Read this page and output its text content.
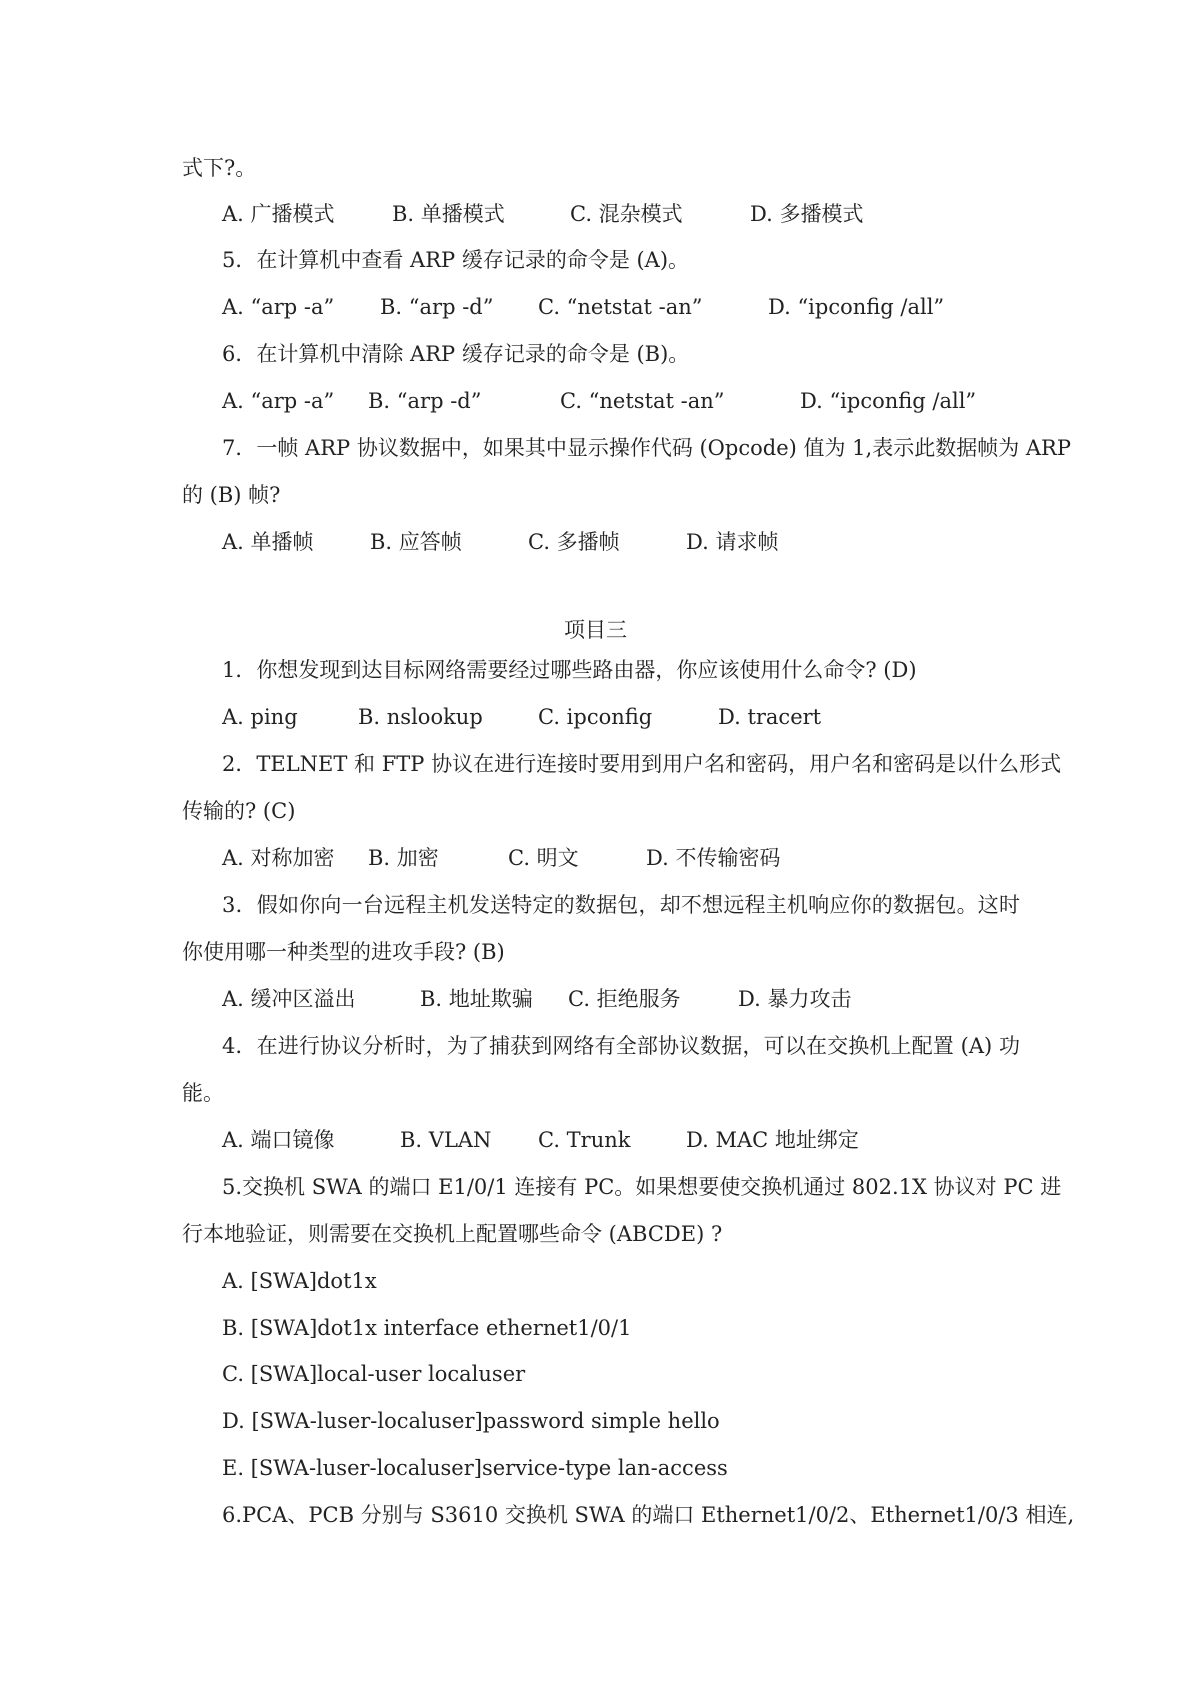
式下?。
A. 广播模式	B. 单播模式	C. 混杂模式	D. 多播模式
5．在计算机中查看 ARP 缓存记录的命令是 (A)。
A. “arp -a” B. “arp -d” C. “netstat -an”	D. “ipconfig /all”
6．在计算机中清除 ARP 缓存记录的命令是 (B)。
A. “arp -a” B. “arp -d”	C. “netstat -an”	D. “ipconfig /all”
7．一帧 ARP 协议数据中，如果其中显示操作代码 (Opcode) 值为 1,表示此数据帧为 ARP
的 (B) 帧?
A. 单播帧	B. 应答帧	C. 多播帧	D. 请求帧
项目三
1．你想发现到达目标网络需要经过哪些路由器，你应该使用什么命令? (D)
A. ping	B. nslookup	C. ipconfig	D. tracert
2．TELNET 和 FTP 协议在进行连接时要用到用户名和密码，用户名和密码是以什么形式
传输的? (C)
A. 对称加密 B. 加密	C. 明文	D. 不传输密码
3．假如你向一台远程主机发送特定的数据包，却不想远程主机响应你的数据包。这时
你使用哪一种类型的进攻手段? (B)
A. 缓冲区溢出	B. 地址欺骗 C. 拒绝服务	D. 暴力攻击
4．在进行协议分析时，为了捕获到网络有全部协议数据，可以在交换机上配置 (A) 功
能。
A. 端口镜像	B. VLAN C. Trunk	D. MAC 地址绑定
5.交换机 SWA 的端口 E1/0/1 连接有 PC。如果想要使交换机通过 802.1X 协议对 PC 进
行本地验证，则需要在交换机上配置哪些命令 (ABCDE) ?
A. [SWA]dot1x
B. [SWA]dot1x interface ethernet1/0/1
C. [SWA]local-user localuser
D. [SWA-luser-localuser]password simple hello
E. [SWA-luser-localuser]service-type lan-access
6.PCA、PCB 分别与 S3610 交换机 SWA 的端口 Ethernet1/0/2、Ethernet1/0/3 相连,
